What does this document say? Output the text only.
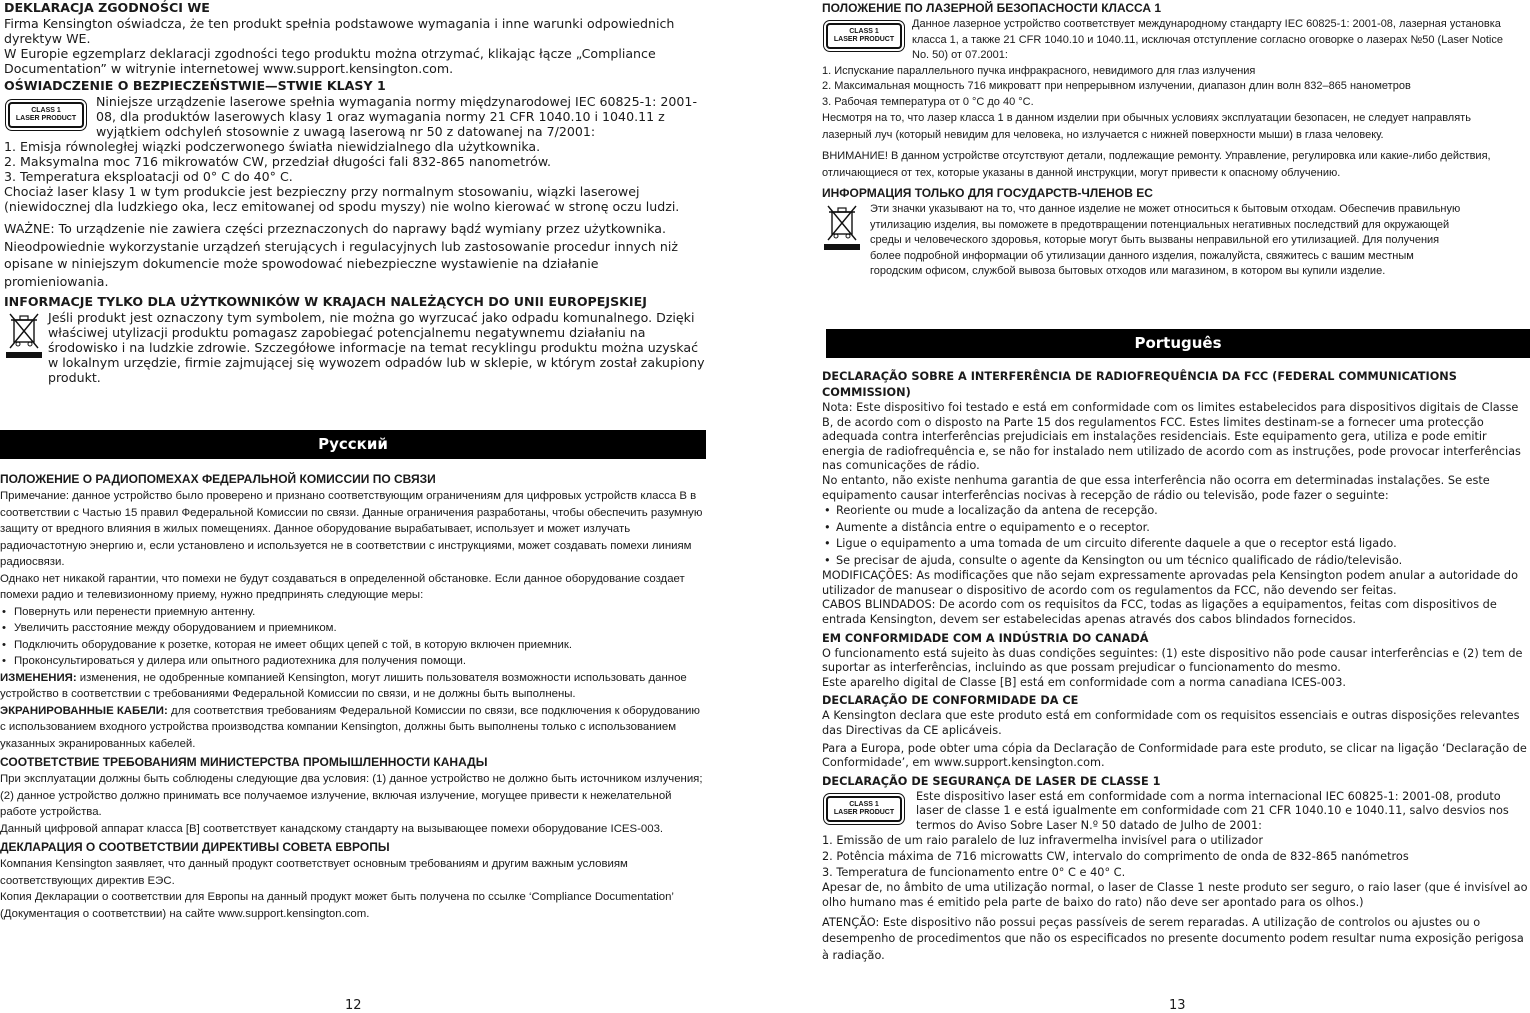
DEKLARACJA ZGODNOŚCI WE

Firma Kensington oświadcza, że ten produkt spełnia podstawowe wymagania i inne warunki odpowiednich dyrektyw WE.

W Europie egzemplarz deklaracji zgodności tego produktu można otrzymać, klikając łącze „Compliance Documentation” w witrynie internetowej www.support.kensington.com.

OŚWIADCZENIE O BEZPIECZEŃSTWIE—STWIE KLASY 1
CLASS 1
LASER PRODUCT

Niniejsze urządzenie laserowe spełnia wymagania normy międzynarodowej IEC 60825-1: 2001-08, dla produktów laserowych klasy 1 oraz wymagania normy 21 CFR 1040.10 i 1040.11 z wyjątkiem odchyleń stosownie z uwagą laserową nr 50 z datowanej na 7/2001:

1. Emisja równoległej wiązki podczerwonego światła niewidzialnego dla użytkownika.
2. Maksymalna moc 716 mikrowatów CW, przedział długości fali 832-865 nanometrów.
3. Temperatura eksploatacji od 0° C do 40° C.

Chociaż laser klasy 1 w tym produkcie jest bezpieczny przy normalnym stosowaniu, wiązki laserowej (niewidocznej dla ludzkiego oka, lecz emitowanej od spodu myszy) nie wolno kierować w stronę oczu ludzi.

WAŻNE: To urządzenie nie zawiera części przeznaczonych do naprawy bądź wymiany przez użytkownika. Nieodpowiednie wykorzystanie urządzeń sterujących i regulacyjnych lub zastosowanie procedur innych niż opisane w niniejszym dokumencie może spowodować niebezpieczne wystawienie na działanie promieniowania.

INFORMACJE TYLKO DLA UŻYTKOWNIKÓW W KRAJACH NALEŻĄCYCH DO UNII EUROPEJSKIEJ

Jeśli produkt jest oznaczony tym symbolem, nie można go wyrzucać jako odpadu komunalnego. Dzięki właściwej utylizacji produktu pomagasz zapobiegać potencjalnemu negatywnemu działaniu na środowisko i na ludzkie zdrowie. Szczegółowe informacje na temat recyklingu produktu można uzyskać w lokalnym urzędzie, firmie zajmującej się wywozem odpadów lub w sklepie, w którym został zakupiony produkt.

Русский
ПОЛОЖЕНИЕ О РАДИОПОМЕХАХ ФЕДЕРАЛЬНОЙ КОМИССИИ ПО СВЯЗИ

Примечание: данное устройство было проверено и признано соответствующим ограничениям для цифровых устройств класса B в соответствии с Частью 15 правил Федеральной Комиссии по связи. Данные ограничения разработаны, чтобы обеспечить разумную защиту от вредного влияния в жилых помещениях. Данное оборудование вырабатывает, использует и может излучать радиочастотную энергию и, если установлено и используется не в соответствии с инструкциями, может создавать помехи линиям радиосвязи.

Однако нет никакой гарантии, что помехи не будут создаваться в определенной обстановке. Если данное оборудование создает помехи радио и телевизионному приему, нужно предпринять следующие меры:

• Повернуть или перенести приемную антенну.
• Увеличить расстояние между оборудованием и приемником.
• Подключить оборудование к розетке, которая не имеет общих цепей с той, в которую включен приемник.
• Проконсультироваться у дилера или опытного радиотехника для получения помощи.

ИЗМЕНЕНИЯ: изменения, не одобренные компанией Kensington, могут лишить пользователя возможности использовать данное устройство в соответствии с требованиями Федеральной Комиссии по связи, и не должны быть выполнены.

ЭКРАНИРОВАННЫЕ КАБЕЛИ: для соответствия требованиям Федеральной Комиссии по связи, все подключения к оборудованию с использованием входного устройства производства компании Kensington, должны быть выполнены только с использованием указанных экранированных кабелей.

СООТВЕТСТВИЕ ТРЕБОВАНИЯМ МИНИСТЕРСТВА ПРОМЫШЛЕННОСТИ КАНАДЫ

При эксплуатации должны быть соблюдены следующие два условия: (1) данное устройство не должно быть источником излучения; (2) данное устройство должно принимать все получаемое излучение, включая излучение, могущее привести к нежелательной работе устройства.

Данный цифровой аппарат класса [B] соответствует канадскому стандарту на вызывающее помехи оборудование ICES-003.

ДЕКЛАРАЦИЯ О СООТВЕТСТВИИ ДИРЕКТИВЫ СОВЕТА ЕВРОПЫ

Компания Kensington заявляет, что данный продукт соответствует основным требованиям и другим важным условиям соответствующих директив ЕЭС.

Копия Декларации о соответствии для Европы на данный продукт может быть получена по ссылке ‘Compliance Documentation’ (Документация о соответствии) на сайте www.support.kensington.com.

12
ПОЛОЖЕНИЕ ПО ЛАЗЕРНОЙ БЕЗОПАСНОСТИ КЛАССА 1
CLASS 1
LASER PRODUCT

Данное лазерное устройство соответствует международному стандарту IEC 60825-1: 2001-08, лазерная установка класса 1, а также 21 CFR 1040.10 и 1040.11, исключая отступление согласно оговорке о лазерах №50 (Laser Notice No. 50) от 07.2001:

1. Испускание параллельного пучка инфракрасного, невидимого для глаз излучения
2. Максимальная мощность 716 микроватт при непрерывном излучении, диапазон длин волн 832–865 нанометров
3. Рабочая температура от 0 °C до 40 °C.

Несмотря на то, что лазер класса 1 в данном изделии при обычных условиях эксплуатации безопасен, не следует направлять лазерный луч (который невидим для человека, но излучается с нижней поверхности мыши) в глаза человеку.

ВНИМАНИЕ! В данном устройстве отсутствуют детали, подлежащие ремонту. Управление, регулировка или какие-либо действия, отличающиеся от тех, которые указаны в данной инструкции, могут привести к опасному облучению.

ИНФОРМАЦИЯ ТОЛЬКО ДЛЯ ГОСУДАРСТВ-ЧЛЕНОВ ЕС

Эти значки указывают на то, что данное изделие не может относиться к бытовым отходам. Обеспечив правильную утилизацию изделия, вы поможете в предотвращении потенциальных негативных последствий для окружающей среды и человеческого здоровья, которые могут быть вызваны неправильной его утилизацией. Для получения более подробной информации об утилизации данного изделия, пожалуйста, свяжитесь с вашим местным городским офисом, службой вывоза бытовых отходов или магазином, в котором вы купили изделие.

Português
DECLARAÇÃO SOBRE A INTERFERÊNCIA DE RADIOFREQUÊNCIA DA FCC (FEDERAL COMMUNICATIONS COMMISSION)

Nota: Este dispositivo foi testado e está em conformidade com os limites estabelecidos para dispositivos digitais de Classe B, de acordo com o disposto na Parte 15 dos regulamentos FCC. Estes limites destinam-se a fornecer uma protecção adequada contra interferências prejudiciais em instalações residenciais. Este equipamento gera, utiliza e pode emitir energia de radiofrequência e, se não for instalado nem utilizado de acordo com as instruções, pode provocar interferências nas comunicações de rádio.

No entanto, não existe nenhuma garantia de que essa interferência não ocorra em determinadas instalações. Se este equipamento causar interferências nocivas à recepção de rádio ou televisão, pode fazer o seguinte:

• Reoriente ou mude a localização da antena de recepção.
• Aumente a distância entre o equipamento e o receptor.
• Ligue o equipamento a uma tomada de um circuito diferente daquele a que o receptor está ligado.
• Se precisar de ajuda, consulte o agente da Kensington ou um técnico qualificado de rádio/televisão.

MODIFICAÇÕES: As modificações que não sejam expressamente aprovadas pela Kensington podem anular a autoridade do utilizador de manusear o dispositivo de acordo com os regulamentos da FCC, não devendo ser feitas.

CABOS BLINDADOS: De acordo com os requisitos da FCC, todas as ligações a equipamentos, feitas com dispositivos de entrada Kensington, devem ser estabelecidas apenas através dos cabos blindados fornecidos.

EM CONFORMIDADE COM A INDÚSTRIA DO CANADÁ

O funcionamento está sujeito às duas condições seguintes: (1) este dispositivo não pode causar interferências e (2) tem de suportar as interferências, incluindo as que possam prejudicar o funcionamento do mesmo.

Este aparelho digital de Classe [B] está em conformidade com a norma canadiana ICES-003.

DECLARAÇÃO DE CONFORMIDADE DA CE

A Kensington declara que este produto está em conformidade com os requisitos essenciais e outras disposições relevantes das Directivas da CE aplicáveis.

Para a Europa, pode obter uma cópia da Declaração de Conformidade para este produto, se clicar na ligação ‘Declaração de Conformidade’, em www.support.kensington.com.

DECLARAÇÃO DE SEGURANÇA DE LASER DE CLASSE 1
CLASS 1
LASER PRODUCT

Este dispositivo laser está em conformidade com a norma internacional IEC 60825-1: 2001-08, produto laser de classe 1 e está igualmente em conformidade com 21 CFR 1040.10 e 1040.11, salvo desvios nos termos do Aviso Sobre Laser N.º 50 datado de Julho de 2001:

1. Emissão de um raio paralelo de luz infravermelha invisível para o utilizador
2. Potência máxima de 716 microwatts CW, intervalo do comprimento de onda de 832-865 nanómetros
3. Temperatura de funcionamento entre 0° C e 40° C.

Apesar de, no âmbito de uma utilização normal, o laser de Classe 1 neste produto ser seguro, o raio laser (que é invisível ao olho humano mas é emitido pela parte de baixo do rato) não deve ser apontado para os olhos.)

ATENÇÃO: Este dispositivo não possui peças passíveis de serem reparadas. A utilização de controlos ou ajustes ou o desempenho de procedimentos que não os especificados no presente documento podem resultar numa exposição perigosa à radiação.

13
